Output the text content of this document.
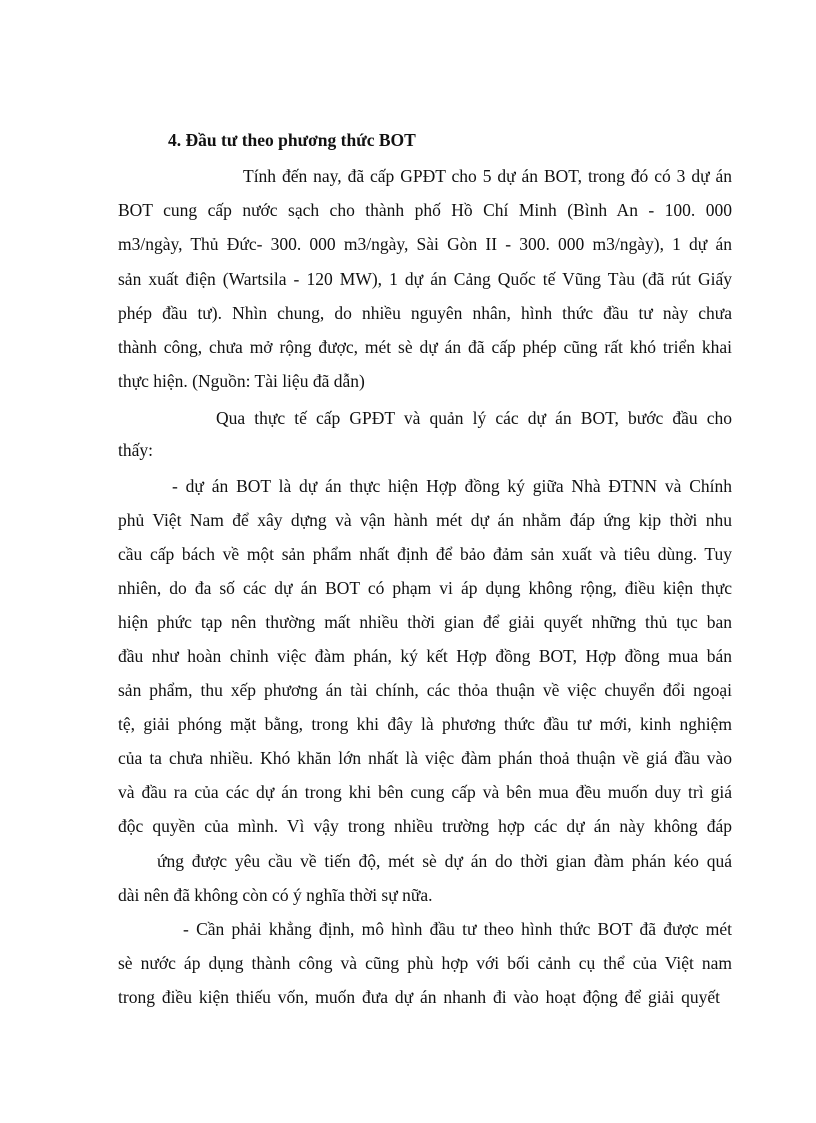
4. Đầu tư theo phương thức BOT
Tính đến nay, đã cấp GPĐT cho 5 dự án BOT, trong đó có 3 dự án
BOT cung cấp nước sạch cho thành phố Hồ Chí Minh (Bình An - 100. 000
m3/ngày, Thủ Đức- 300. 000 m3/ngày, Sài Gòn II - 300. 000 m3/ngày), 1 dự án
sản xuất điện (Wartsila - 120 MW), 1 dự án Cảng Quốc tế Vũng Tàu (đã rút Giấy
phép đầu tư). Nhìn chung, do nhiều nguyên nhân, hình thức đầu tư này chưa
thành công, chưa mở rộng được, mét sè dự án đã cấp phép cũng rất khó triển khai
thực hiện. (Nguồn: Tài liệu đã dẫn)
Qua thực tế cấp GPĐT và quản lý các dự án BOT, bước đầu cho
thấy:
- dự án BOT là dự án thực hiện Hợp đồng ký giữa Nhà ĐTNN và Chính
phủ Việt Nam để xây dựng và vận hành mét dự án nhằm đáp ứng kịp thời nhu
cầu cấp bách về một sản phẩm nhất định để bảo đảm sản xuất và tiêu dùng. Tuy
nhiên, do đa số các dự án BOT có phạm vi áp dụng không rộng, điều kiện thực
hiện phức tạp nên thường mất nhiều thời gian để giải quyết những thủ tục ban
đầu như hoàn chỉnh việc đàm phán, ký kết Hợp đồng BOT, Hợp đồng mua bán
sản phẩm, thu xếp phương án tài chính, các thỏa thuận về việc chuyển đổi ngoại
tệ, giải phóng mặt bằng, trong khi đây là phương thức đầu tư mới, kinh nghiệm
của ta chưa nhiều. Khó khăn lớn nhất là việc đàm phán thoả thuận về giá đầu vào
và đầu ra của các dự án trong khi bên cung cấp và bên mua đều muốn duy trì giá
độc quyền của mình. Vì vậy trong nhiều trường hợp các dự án này không đáp
ứng được yêu cầu về tiến độ, mét sè dự án do thời gian đàm phán kéo quá
dài nên đã không còn có ý nghĩa thời sự nữa.
- Cần phải khẳng định, mô hình đầu tư theo hình thức BOT đã được mét
sè nước áp dụng thành công và cũng phù hợp với bối cảnh cụ thể của Việt nam
trong điều kiện thiếu vốn, muốn đưa dự án nhanh đi vào hoạt động để giải quyết
